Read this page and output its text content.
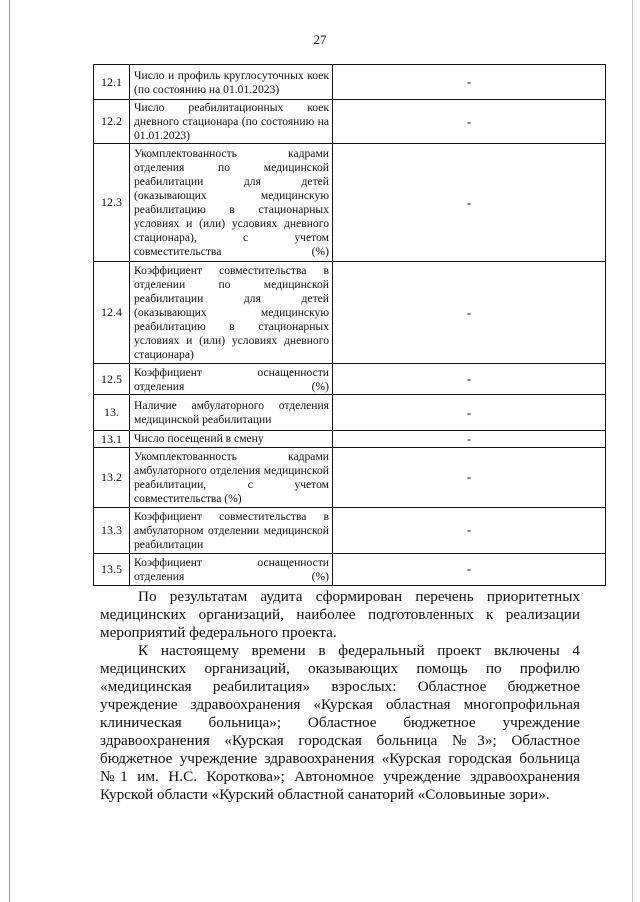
27
12.1	Число и профиль круглосуточных коек (по состоянию на 01.01.2023)	-
12.2	Число реабилитационных коек дневного стационара (по состоянию на 01.01.2023)	-
12.3	Укомплектованность кадрами отделения по медицинской реабилитации для детей (оказывающих медицинскую реабилитацию в стационарных условиях и (или) условиях дневного стационара), с учетом совместительства (%)	-
12.4	Коэффициент совместительства в отделении по медицинской реабилитации для детей (оказывающих медицинскую реабилитацию в стационарных условиях и (или) условиях дневного стационара)	-
12.5	Коэффициент оснащенности отделения (%)	-
13.	Наличие амбулаторного отделения медицинской реабилитации	-
13.1	Число посещений в смену	-
13.2	Укомплектованность кадрами амбулаторного отделения медицинской реабилитации, с учетом совместительства (%)	-
13.3	Коэффициент совместительства в амбулаторном отделении медицинской реабилитации	-
13.5	Коэффициент оснащенности отделения (%)	-

По результатам аудита сформирован перечень приоритетных медицинских организаций, наиболее подготовленных к реализации мероприятий федерального проекта.

К настоящему времени в федеральный проект включены 4 медицинских организаций, оказывающих помощь по профилю «медицинская реабилитация» взрослых: Областное бюджетное учреждение здравоохранения «Курская областная многопрофильная клиническая больница»; Областное бюджетное учреждение здравоохранения «Курская городская больница №3»; Областное бюджетное учреждение здравоохранения «Курская городская больница №1 им. Н.С. Короткова»; Автономное учреждение здравоохранения Курской области «Курский областной санаторий «Соловьиные зори».
